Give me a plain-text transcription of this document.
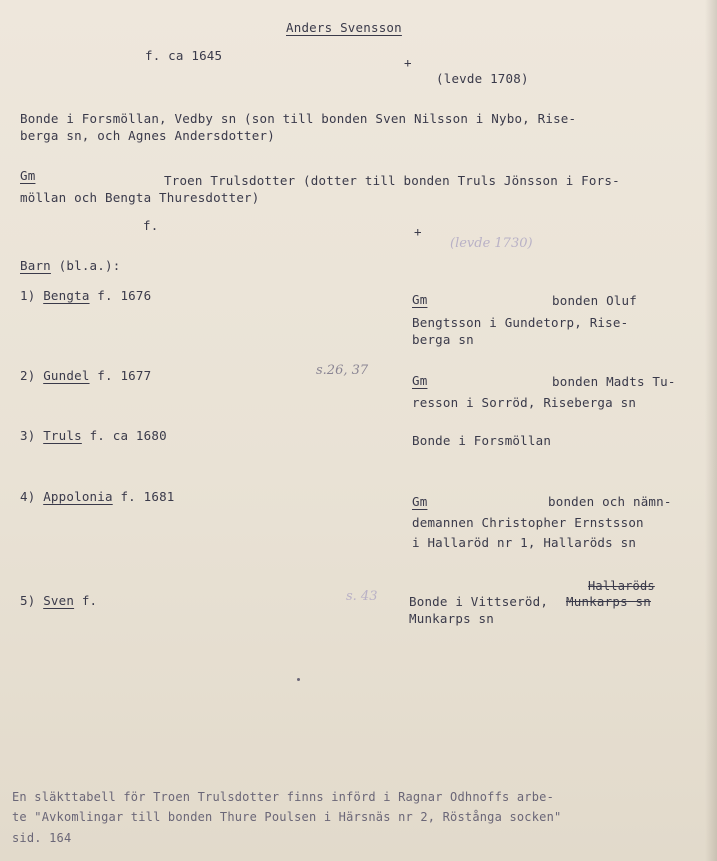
Anders Svensson
f. ca 1645	+
(levde 1708)
Bonde i Forsmöllan, Vedby sn (son till bonden Sven Nilsson i Nybo, Rise-
berga sn, och Agnes Andersdotter)
Gm	Troen Trulsdotter (dotter till bonden Truls Jönsson i Fors-
möllan och Bengta Thuresdotter)
f.	+
(levde 1730)
Barn (bl.a.):
1) Bengta f. 1676	Gm	bonden Oluf
Bengtsson i Gundetorp, Rise-
berga sn
2) Gundel f. 1677	s.26, 37
Gm	bonden Madts Tu-
resson i Sorröd, Riseberga sn
3) Truls f. ca 1680	Bonde i Forsmöllan
4) Appolonia f. 1681	Gm	bonden och nämn-
demannen Christopher Ernstsson
i Hallaröd nr 1, Hallaröds sn
5) Sven f.	s. 43
Hallaröds
Bonde i Vittseröd, Munkarps sn
Munkarps sn
En släkttabell för Troen Trulsdotter finns införd i Ragnar Odhnoffs arbe-
te "Avkomlingar till bonden Thure Poulsen i Härsnäs nr 2, Röstånga socken"
sid. 164
